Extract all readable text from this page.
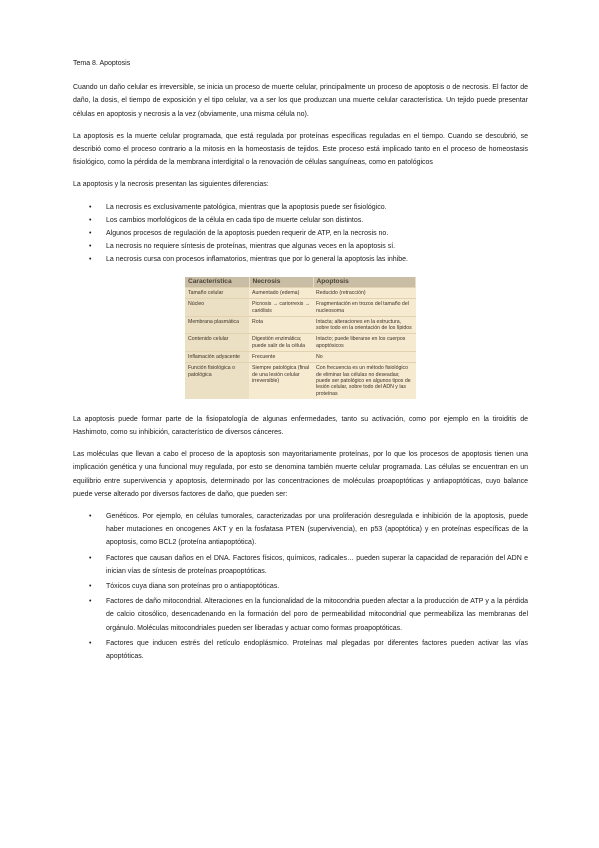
Tema 8. Apoptosis

Cuando un daño celular es irreversible, se inicia un proceso de muerte celular, principalmente un proceso de apoptosis o de necrosis. El factor de daño, la dosis, el tiempo de exposición y el tipo celular, va a ser los que produzcan una muerte celular característica. Un tejido puede presentar células en apoptosis y necrosis a la vez (obviamente, una misma célula no).

La apoptosis es la muerte celular programada, que está regulada por proteínas específicas reguladas en el tiempo. Cuando se descubrió, se describió como el proceso contrario a la mitosis en la homeostasis de tejidos. Este proceso está implicado tanto en el proceso de homeostasis fisiológico, como la pérdida de la membrana interdigital o la renovación de células sanguíneas, como en patológicos

La apoptosis y la necrosis presentan las siguientes diferencias:

• La necrosis es exclusivamente patológica, mientras que la apoptosis puede ser fisiológico.
• Los cambios morfológicos de la célula en cada tipo de muerte celular son distintos.
• Algunos procesos de regulación de la apoptosis pueden requerir de ATP, en la necrosis no.
• La necrosis no requiere síntesis de proteínas, mientras que algunas veces en la apoptosis sí.
• La necrosis cursa con procesos inflamatorios, mientras que por lo general la apoptosis las inhibe.
Característica	Necrosis	Apoptosis
Tamaño celular	Aumentado (edema)	Reducido (retracción)
Núcleo	Picnosis → cariorrexis → cariólisis	Fragmentación en trozos del tamaño del nucleosoma
Membrana plasmática	Rota	Intacta; alteraciones en la estructura, sobre todo en la orientación de los lípidos
Contenido celular	Digestión enzimática; puede salir de la célula	Intacto; puede liberarse en los cuerpos apoptósicos
Inflamación adyacente	Frecuente	No
Función fisiológica o patológica	Siempre patológica (final de una lesión celular irreversible)	Con frecuencia es un método fisiológico de eliminar las células no deseadas; puede ser patológico en algunos tipos de lesión celular, sobre todo del ADN y las proteínas

La apoptosis puede formar parte de la fisiopatología de algunas enfermedades, tanto su activación, como por ejemplo en la tiroiditis de Hashimoto, como su inhibición, característico de diversos cánceres.

Las moléculas que llevan a cabo el proceso de la apoptosis son mayoritariamente proteínas, por lo que los procesos de apoptosis tienen una implicación genética y una funcional muy regulada, por esto se denomina también muerte celular programada. Las células se encuentran en un equilibrio entre supervivencia y apoptosis, determinado por las concentraciones de moléculas proapoptóticas y antiapoptóticas, cuyo balance puede verse alterado por diversos factores de daño, que pueden ser:

• Genéticos. Por ejemplo, en células tumorales, caracterizadas por una proliferación desregulada e inhibición de la apoptosis, puede haber mutaciones en oncogenes AKT y en la fosfatasa PTEN (supervivencia), en p53 (apoptótica) y en proteínas específicas de la apoptosis, como BCL2 (proteína antiapoptótica).
• Factores que causan daños en el DNA. Factores físicos, químicos, radicales… pueden superar la capacidad de reparación del ADN e inician vías de síntesis de proteínas proapoptóticas.
• Tóxicos cuya diana son proteínas pro o antiapoptóticas.
• Factores de daño mitocondrial. Alteraciones en la funcionalidad de la mitocondria pueden afectar a la producción de ATP y a la pérdida de calcio citosólico, desencadenando en la formación del poro de permeabilidad mitocondrial que permeabiliza las membranas del orgánulo. Moléculas mitocondriales pueden ser liberadas y actuar como formas proapoptóticas.
• Factores que inducen estrés del retículo endoplásmico. Proteínas mal plegadas por diferentes factores pueden activar las vías apoptóticas.
